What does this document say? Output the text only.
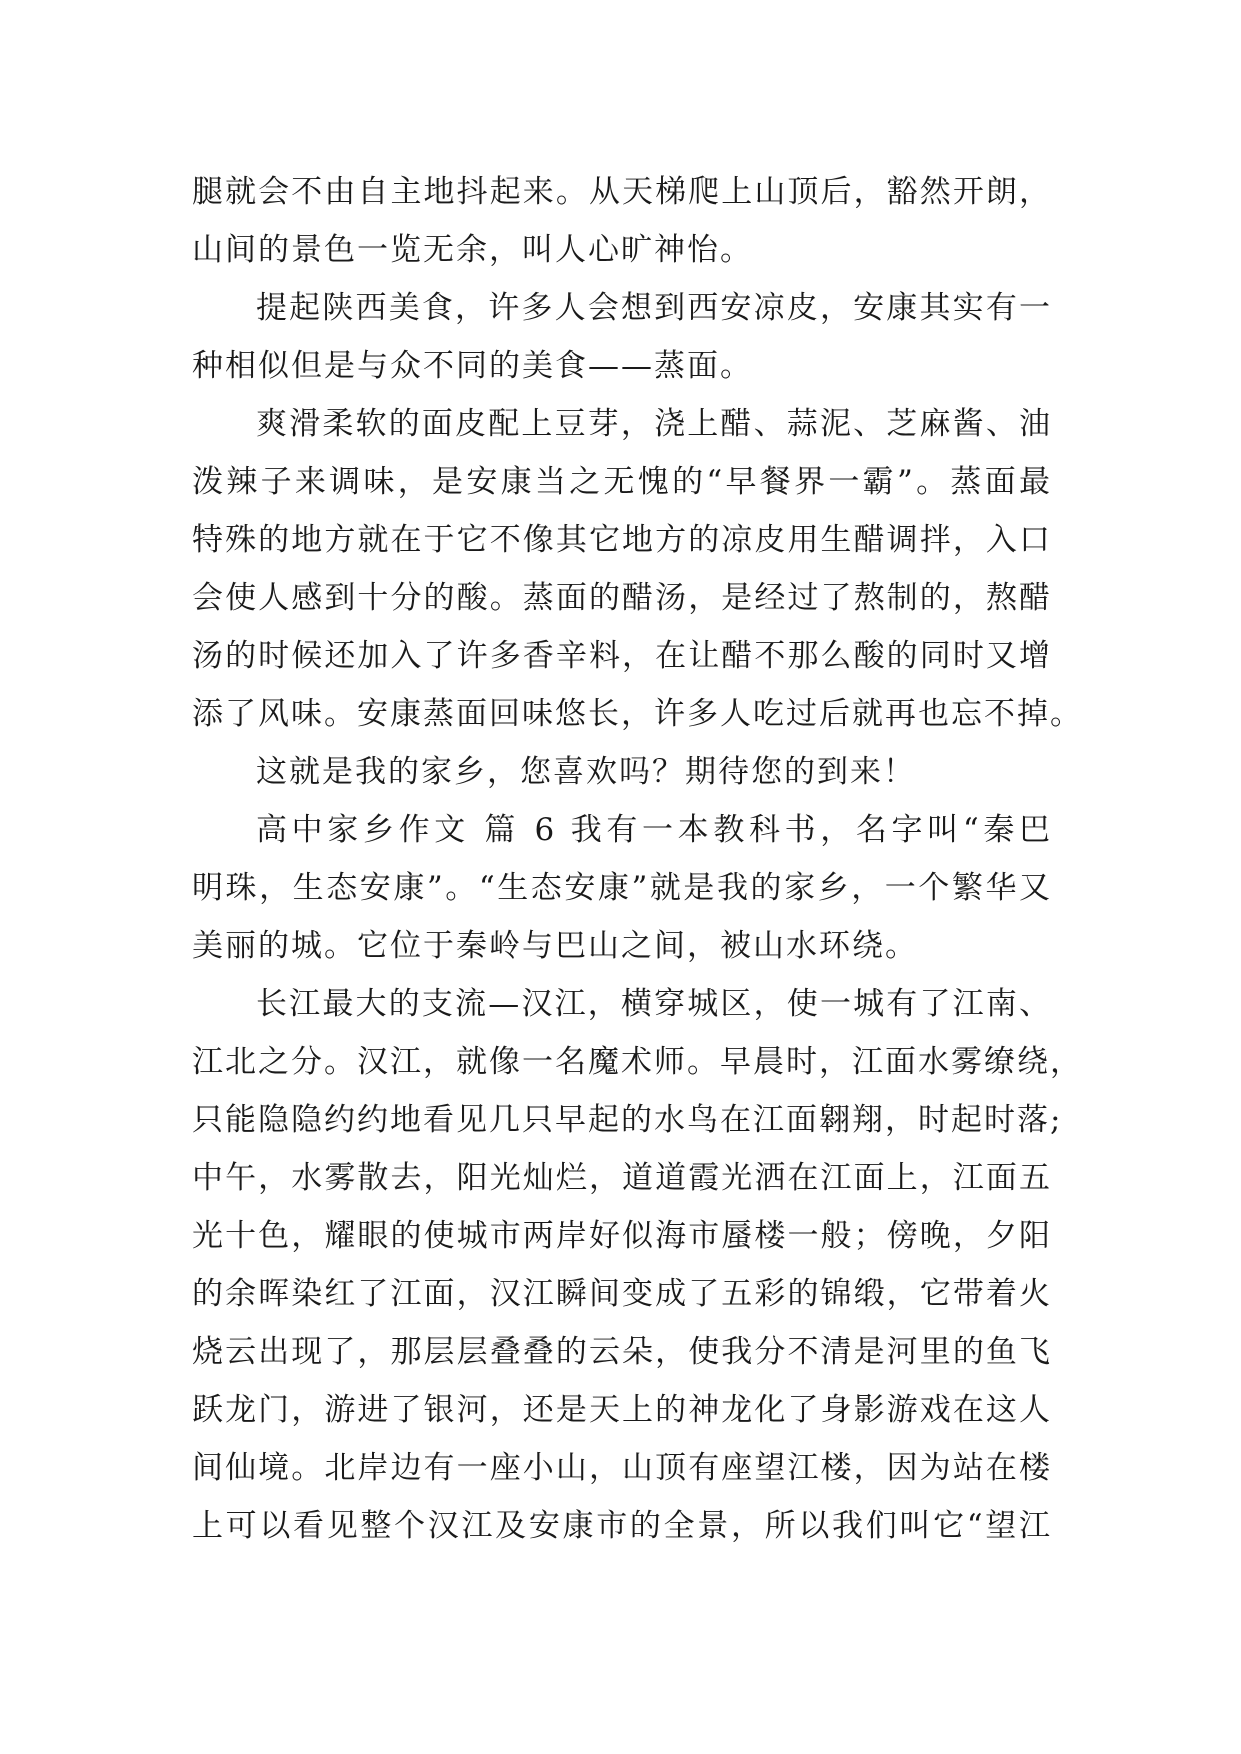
腿就会不由自主地抖起来。从天梯爬上山顶后，豁然开朗，
山间的景色一览无余，叫人心旷神怡。
提起陕西美食，许多人会想到西安凉皮，安康其实有一
种相似但是与众不同的美食——蒸面。
爽滑柔软的面皮配上豆芽，浇上醋、蒜泥、芝麻酱、油
泼辣子来调味，是安康当之无愧的“早餐界一霸”。蒸面最
特殊的地方就在于它不像其它地方的凉皮用生醋调拌，入口
会使人感到十分的酸。蒸面的醋汤，是经过了熬制的，熬醋
汤的时候还加入了许多香辛料，在让醋不那么酸的同时又增
添了风味。安康蒸面回味悠长，许多人吃过后就再也忘不掉。
这就是我的家乡，您喜欢吗？期待您的到来！
高中家乡作文 篇 6 我有一本教科书，名字叫“秦巴
明珠，生态安康”。“生态安康”就是我的家乡，一个繁华又
美丽的城。它位于秦岭与巴山之间，被山水环绕。
长江最大的支流—汉江，横穿城区，使一城有了江南、
江北之分。汉江，就像一名魔术师。早晨时，江面水雾缭绕，
只能隐隐约约地看见几只早起的水鸟在江面翱翔，时起时落;
中午，水雾散去，阳光灿烂，道道霞光洒在江面上，江面五
光十色，耀眼的使城市两岸好似海市蜃楼一般；傍晚，夕阳
的余晖染红了江面，汉江瞬间变成了五彩的锦缎，它带着火
烧云出现了，那层层叠叠的云朵，使我分不清是河里的鱼飞
跃龙门，游进了银河，还是天上的神龙化了身影游戏在这人
间仙境。北岸边有一座小山，山顶有座望江楼，因为站在楼
上可以看见整个汉江及安康市的全景，所以我们叫它“望江
